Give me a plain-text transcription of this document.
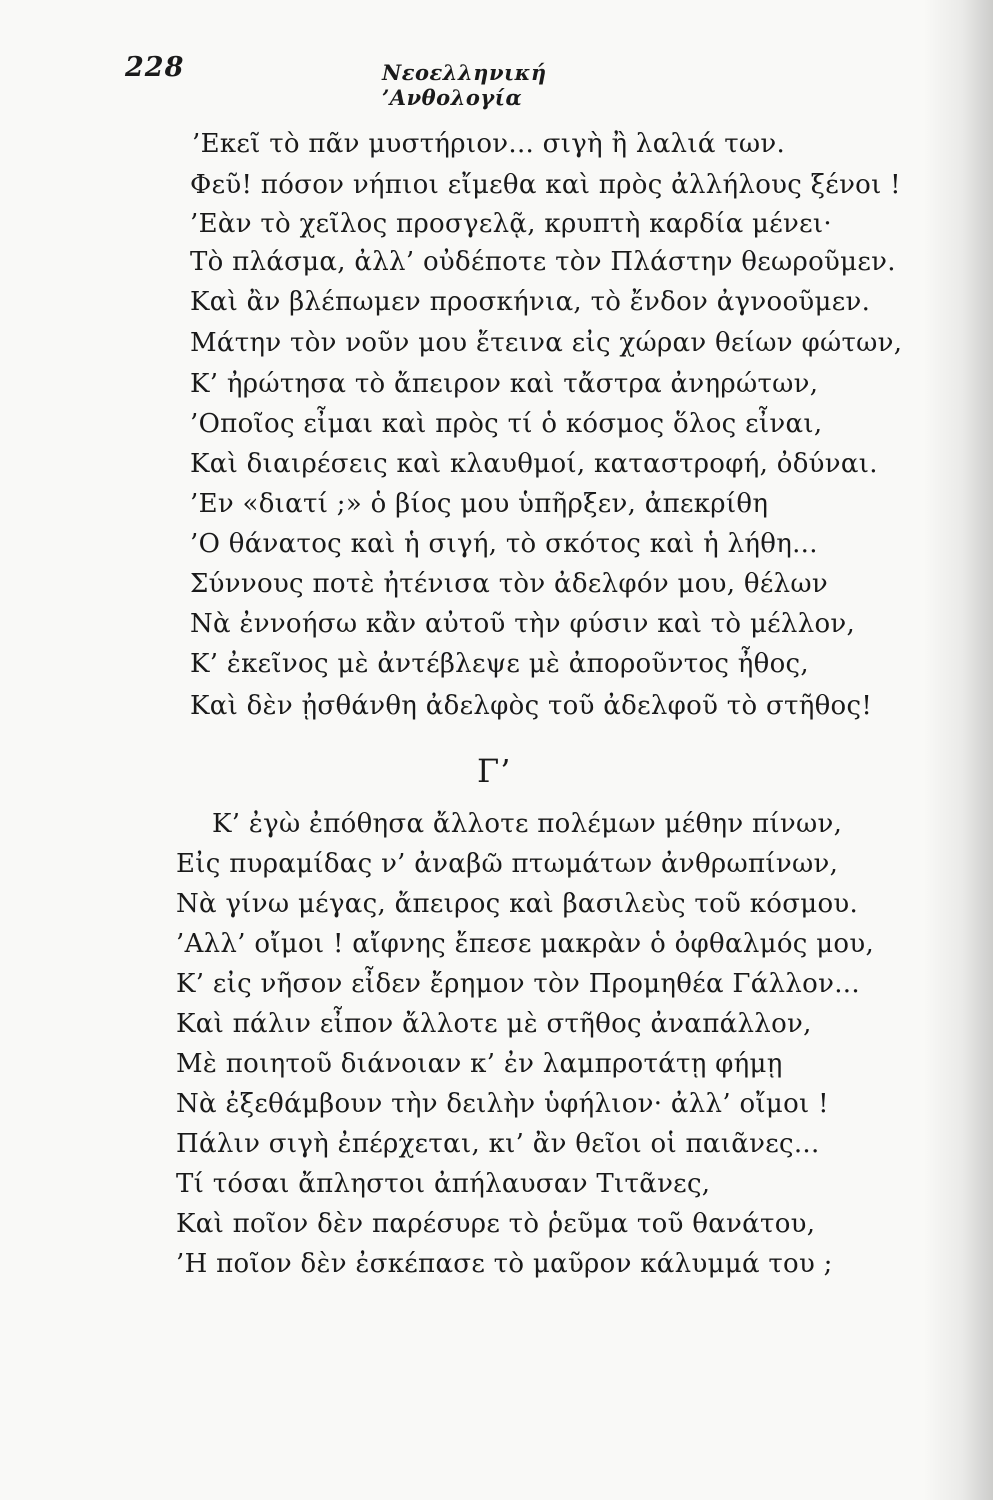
228	Νεοελληνική ’Ανθολογία
’Εκεῖ τὸ πᾶν μυστήριον... σιγὴ ἢ λαλιά των.
Φεῦ! πόσον νήπιοι εἴμεθα καὶ πρὸς ἀλλήλους ξένοι !
’Εὰν τὸ χεῖλος προσγελᾷ, κρυπτὴ καρδία μένει·
Τὸ πλάσμα, ἀλλ’ οὐδέποτε τὸν Πλάστην θεωροῦμεν.
Καὶ ἂν βλέπωμεν προσκήνια, τὸ ἔνδον ἀγνοοῦμεν.
Μάτην τὸν νοῦν μου ἔτεινα εἰς χώραν θείων φώτων,
Κ’ ἠρώτησα τὸ ἄπειρον καὶ τἄστρα ἀνηρώτων,
’Οποῖος εἶμαι καὶ πρὸς τί ὁ κόσμος ὅλος εἶναι,
Καὶ διαιρέσεις καὶ κλαυθμοί, καταστροφή, ὀδύναι.
’Εν «διατί ;» ὁ βίος μου ὑπῆρξεν, ἀπεκρίθη
’Ο θάνατος καὶ ἡ σιγή, τὸ σκότος καὶ ἡ λήθη...
Σύννους ποτὲ ἠτένισα τὸν ἀδελφόν μου, θέλων
Νὰ ἐννοήσω κἂν αὐτοῦ τὴν φύσιν καὶ τὸ μέλλον,
Κ’ ἐκεῖνος μὲ ἀντέβλεψε μὲ ἀποροῦντος ἦθος,
Καὶ δὲν ᾐσθάνθη ἀδελφὸς τοῦ ἀδελφοῦ τὸ στῆθος!
Γ’
Κ’ ἐγὼ ἐπόθησα ἄλλοτε πολέμων μέθην πίνων,
Εἰς πυραμίδας ν’ ἀναβῶ πτωμάτων ἀνθρωπίνων,
Νὰ γίνω μέγας, ἄπειρος καὶ βασιλεὺς τοῦ κόσμου.
’Αλλ’ οἴμοι ! αἴφνης ἔπεσε μακρὰν ὁ ὀφθαλμός μου,
Κ’ εἰς νῆσον εἶδεν ἔρημον τὸν Προμηθέα Γάλλον...
Καὶ πάλιν εἶπον ἄλλοτε μὲ στῆθος ἀναπάλλον,
Μὲ ποιητοῦ διάνοιαν κ’ ἐν λαμπροτάτῃ φήμῃ
Νὰ ἐξεθάμβουν τὴν δειλὴν ὑφήλιον· ἀλλ’ οἴμοι !
Πάλιν σιγὴ ἐπέρχεται, κι’ ἂν θεῖοι οἱ παιᾶνες...
Τί τόσαι ἄπληστοι ἀπήλαυσαν Τιτᾶνες,
Καὶ ποῖον δὲν παρέσυρε τὸ ῥεῦμα τοῦ θανάτου,
’Η ποῖον δὲν ἐσκέπασε τὸ μαῦρον κάλυμμά του ;
